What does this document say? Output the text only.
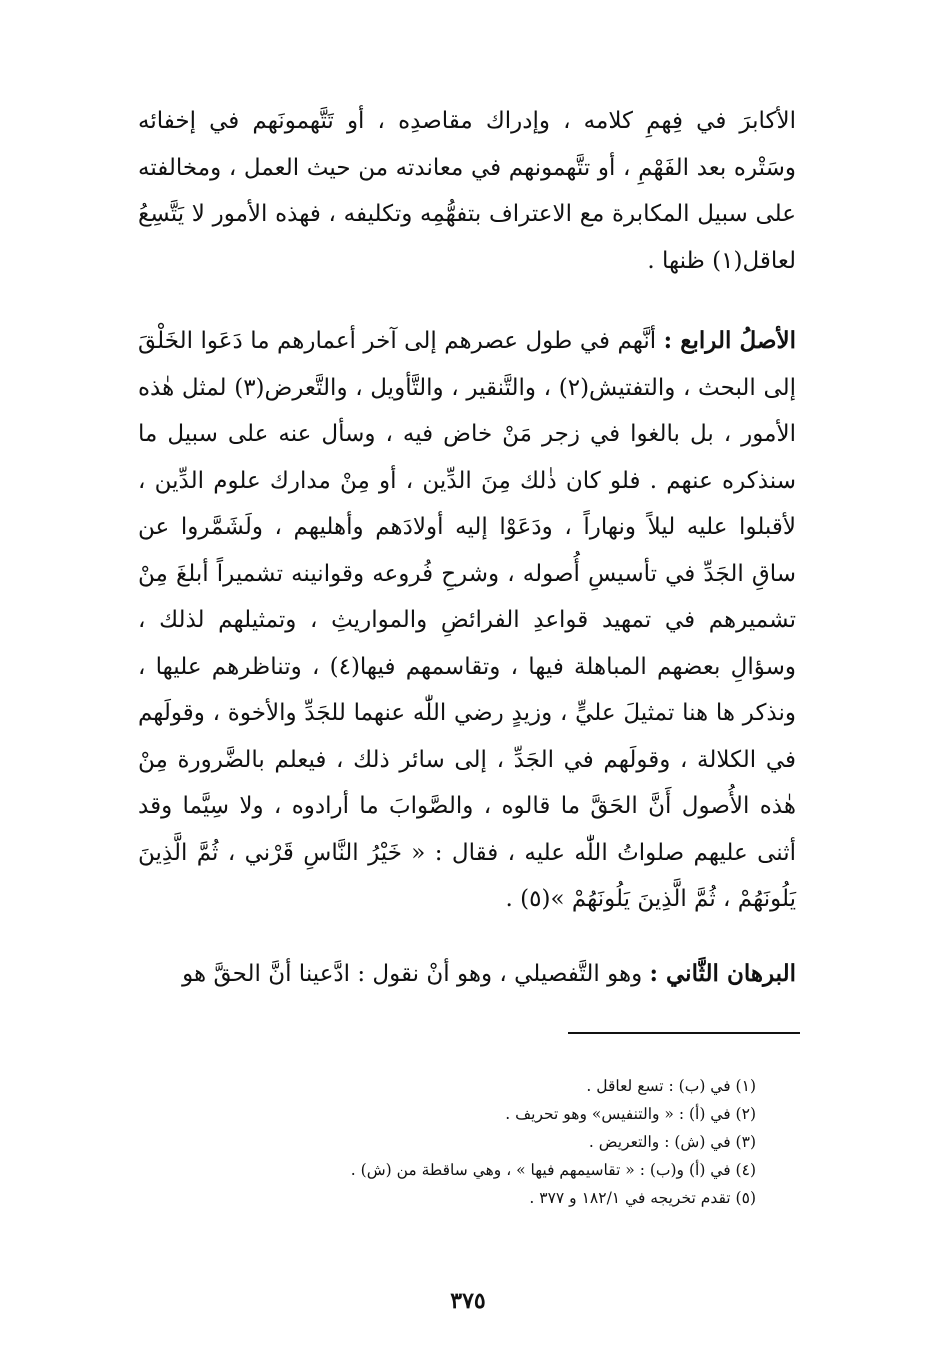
الأكابرَ في فِهمِ كلامه ، وإدراك مقاصدِه ، أو تَتَّهمونَهم في إخفائه وسَتْره بعد الفَهْمِ ، أو تتَّهمونهم في معاندته من حيث العمل ، ومخالفته على سبيل المكابرة مع الاعتراف بتفهُّمِه وتكليفه ، فهذه الأمور لا يَتَّسِعُ لعاقل(١) ظنها .

الأصلُ الرابع : أنَّهم في طول عصرهم إلى آخر أعمارهم ما دَعَوا الخَلْقَ إلى البحث ، والتفتيش(٢) ، والتَّنقير ، والتَّأويل ، والتَّعرض(٣) لمثل هٰذه الأمور ، بل بالغوا في زجر مَنْ خاض فيه ، وسأل عنه على سبيل ما سنذكره عنهم . فلو كان ذٰلك مِنَ الدِّين ، أو مِنْ مدارك علوم الدِّين ، لأقبلوا عليه ليلاً ونهاراً ، ودَعَوْا إليه أولادَهم وأهليهم ، ولَشَمَّروا عن ساقِ الجَدِّ في تأسيسِ أُصوله ، وشرحِ فُروعه وقوانينه تشميراً أبلغَ مِنْ تشميرهم في تمهيد قواعدِ الفرائضِ والمواريثِ ، وتمثيلهم لذلك ، وسؤالِ بعضهم المباهلة فيها ، وتقاسمهم فيها(٤) ، وتناظرهم عليها ، ونذكر ها هنا تمثيلَ عليٍّ ، وزيدٍ رضي اللّٰه عنهما للجَدِّ والأخوة ، وقولَهم في الكلالة ، وقولَهم في الجَدِّ ، إلى سائر ذلك ، فيعلم بالضَّرورة مِنْ هٰذه الأُصول أَنَّ الحَقَّ ما قالوه ، والصَّوابَ ما أرادوه ، ولا سِيَّما وقد أثنى عليهم صلواتُ اللّٰه عليه ، فقال : « خَيْرُ النَّاسِ قَرْني ، ثُمَّ الَّذِينَ يَلُونَهُمْ ، ثُمَّ الَّذِينَ يَلُونَهُمْ »(٥) .

البرهان الثَّاني : وهو التَّفصيلي ، وهو أنْ نقول : ادَّعينا أنَّ الحقَّ هو

(١) في (ب) : تسع لعاقل .

(٢) في (أ) : « والتنفيس» وهو تحريف .

(٣) في (ش) : والتعريض .

(٤) في (أ) و(ب) : « تقاسيمهم فيها » ، وهي ساقطة من (ش) .

(٥) تقدم تخريجه في ١٨٢/١ و ٣٧٧ .

٣٧٥
